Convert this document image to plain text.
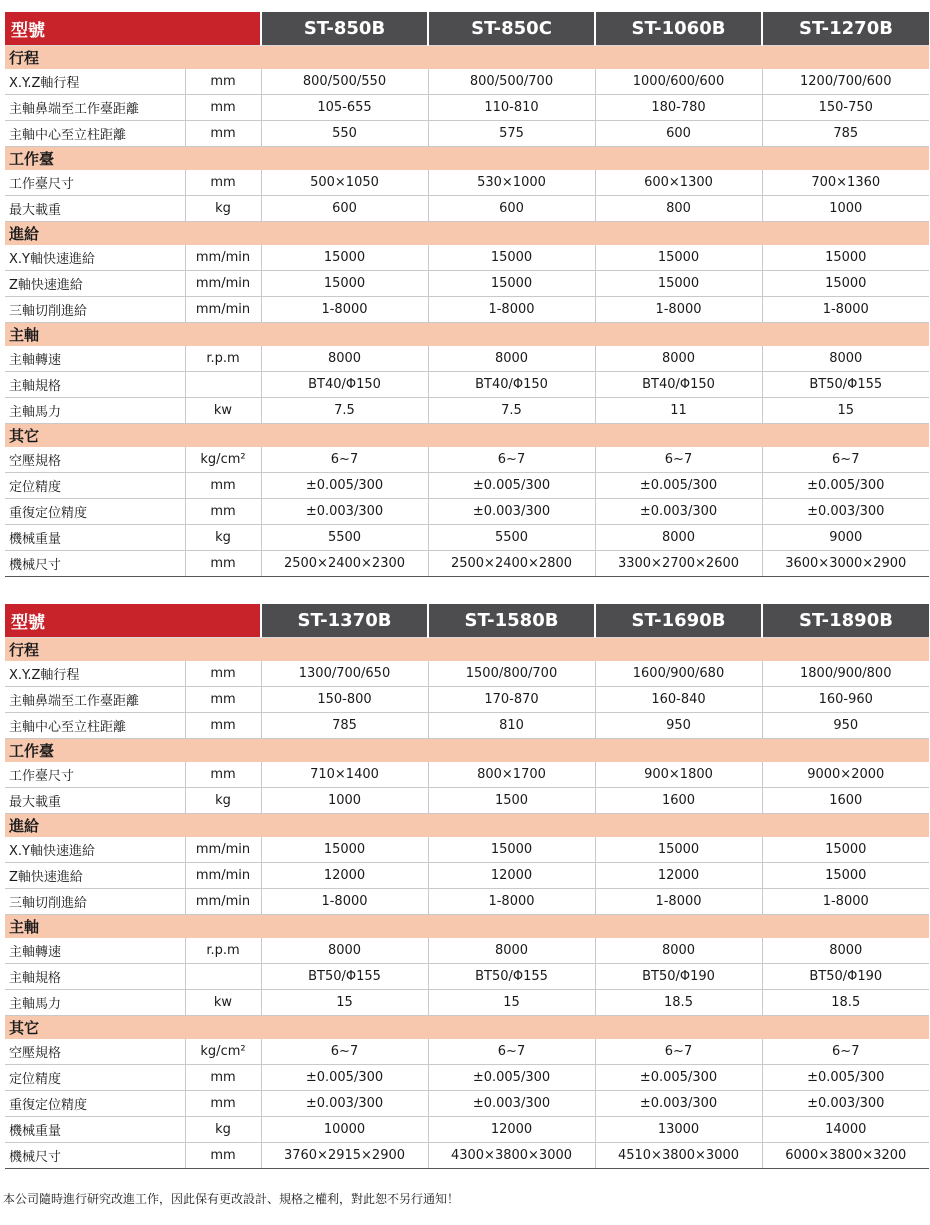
型號		ST-850B	ST-850C	ST-1060B	ST-1270B
行程					
X.Y.Z軸行程	mm	800/500/550	800/500/700	1000/600/600	1200/700/600
主軸鼻端至工作臺距離	mm	105-655	110-810	180-780	150-750
主軸中心至立柱距離	mm	550	575	600	785
工作臺					
工作臺尺寸	mm	500×1050	530×1000	600×1300	700×1360
最大載重	kg	600	600	800	1000
進給					
X.Y軸快速進給	mm/min	15000	15000	15000	15000
Z軸快速進給	mm/min	15000	15000	15000	15000
三軸切削進給	mm/min	1-8000	1-8000	1-8000	1-8000
主軸					
主軸轉速	r.p.m	8000	8000	8000	8000
主軸規格		BT40/Φ150	BT40/Φ150	BT40/Φ150	BT50/Φ155
主軸馬力	kw	7.5	7.5	11	15
其它					
空壓規格	kg/cm²	6~7	6~7	6~7	6~7
定位精度	mm	±0.005/300	±0.005/300	±0.005/300	±0.005/300
重復定位精度	mm	±0.003/300	±0.003/300	±0.003/300	±0.003/300
機械重量	kg	5500	5500	8000	9000
機械尺寸	mm	2500×2400×2300	2500×2400×2800	3300×2700×2600	3600×3000×2900
型號		ST-1370B	ST-1580B	ST-1690B	ST-1890B
行程					
X.Y.Z軸行程	mm	1300/700/650	1500/800/700	1600/900/680	1800/900/800
主軸鼻端至工作臺距離	mm	150-800	170-870	160-840	160-960
主軸中心至立柱距離	mm	785	810	950	950
工作臺					
工作臺尺寸	mm	710×1400	800×1700	900×1800	9000×2000
最大載重	kg	1000	1500	1600	1600
進給					
X.Y軸快速進給	mm/min	15000	15000	15000	15000
Z軸快速進給	mm/min	12000	12000	12000	15000
三軸切削進給	mm/min	1-8000	1-8000	1-8000	1-8000
主軸					
主軸轉速	r.p.m	8000	8000	8000	8000
主軸規格		BT50/Φ155	BT50/Φ155	BT50/Φ190	BT50/Φ190
主軸馬力	kw	15	15	18.5	18.5
其它					
空壓規格	kg/cm²	6~7	6~7	6~7	6~7
定位精度	mm	±0.005/300	±0.005/300	±0.005/300	±0.005/300
重復定位精度	mm	±0.003/300	±0.003/300	±0.003/300	±0.003/300
機械重量	kg	10000	12000	13000	14000
機械尺寸	mm	3760×2915×2900	4300×3800×3000	4510×3800×3000	6000×3800×3200
本公司隨時進行研究改進工作，因此保有更改設計、規格之權利，對此恕不另行通知！
